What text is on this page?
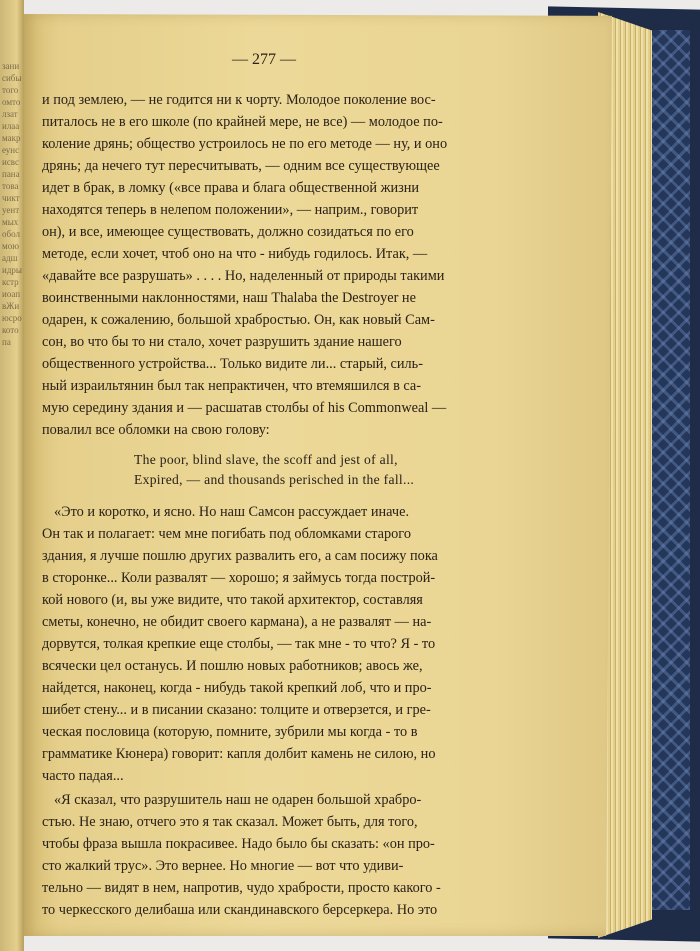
занисибытогоомтолзатилаамакреунсисвспанатовачиктуентмыхоболмоюадшидрыкстриоапвЖиюсрокотопа
— 277 —
и под землею, — не годится ни к чорту. Молодое поколение вос-
питалось не в его школе (по крайней мере, не все) — молодое по-
коление дрянь; общество устроилось не по его методе — ну, и оно
дрянь; да нечего тут пересчитывать, — одним все существующее
идет в брак, в ломку («все права и блага общественной жизни
находятся теперь в нелепом положении», — наприм., говорит
он), и все, имеющее существовать, должно созидаться по его
методе, если хочет, чтоб оно на что - нибудь годилось. Итак, —
«давайте все разрушать» . . . . Но, наделенный от природы такими
воинственными наклонностями, наш Thalaba the Destroyer не
одарен, к сожалению, большой храбростью. Он, как новый Сам-
сон, во что бы то ни стало, хочет разрушить здание нашего
общественного устройства... Только видите ли... старый, силь-
ный израильтянин был так непрактичен, что втемяшился в са-
мую середину здания и — расшатав столбы of his Commonweal —
повалил все обломки на свою голову:
The poor, blind slave, the scoff and jest of all,
Expired, — and thousands perisched in the fall...
«Это и коротко, и ясно. Но наш Самсон рассуждает иначе.
Он так и полагает: чем мне погибать под обломками старого
здания, я лучше пошлю других развалить его, а сам посижу пока
в сторонке... Коли развалят — хорошо; я займусь тогда построй-
кой нового (и, вы уже видите, что такой архитектор, составляя
сметы, конечно, не обидит своего кармана), а не развалят — на-
дорвутся, толкая крепкие еще столбы, — так мне - то что? Я - то
всячески цел останусь. И пошлю новых работников; авось же,
найдется, наконец, когда - нибудь такой крепкий лоб, что и про-
шибет стену... и в писании сказано: толците и отверзется, и гре-
ческая пословица (которую, помните, зубрили мы когда - то в
грамматике Кюнера) говорит: капля долбит камень не силою, но
часто падая...
«Я сказал, что разрушитель наш не одарен большой храбро-
стью. Не знаю, отчего это я так сказал. Может быть, для того,
чтобы фраза вышла покрасивее. Надо было бы сказать: «он про-
сто жалкий трус». Это вернее. Но многие — вот что удиви-
тельно — видят в нем, напротив, чудо храбрости, просто какого -
то черкесского делибаша или скандинавского берсеркера. Но это
